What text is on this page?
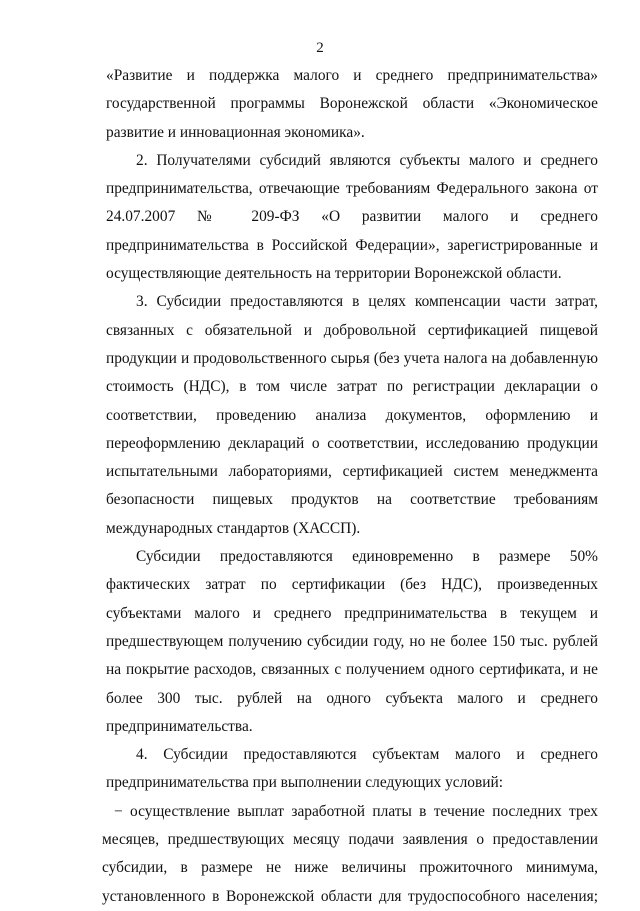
2

«Развитие и поддержка малого и среднего предпринимательства» государственной программы Воронежской области «Экономическое развитие и инновационная экономика».

2. Получателями субсидий являются субъекты малого и среднего предпринимательства, отвечающие требованиям Федерального закона от 24.07.2007 № 209-ФЗ «О развитии малого и среднего предпринимательства в Российской Федерации», зарегистрированные и осуществляющие деятельность на территории Воронежской области.

3. Субсидии предоставляются в целях компенсации части затрат, связанных с обязательной и добровольной сертификацией пищевой продукции и продовольственного сырья (без учета налога на добавленную стоимость (НДС), в том числе затрат по регистрации декларации о соответствии, проведению анализа документов, оформлению и переоформлению деклараций о соответствии, исследованию продукции испытательными лабораториями, сертификацией систем менеджмента безопасности пищевых продуктов на соответствие требованиям международных стандартов (ХАССП).

Субсидии предоставляются единовременно в размере 50% фактических затрат по сертификации (без НДС), произведенных субъектами малого и среднего предпринимательства в текущем и предшествующем получению субсидии году, но не более 150 тыс. рублей на покрытие расходов, связанных с получением одного сертификата, и не более 300 тыс. рублей на одного субъекта малого и среднего предпринимательства.

4. Субсидии предоставляются субъектам малого и среднего предпринимательства при выполнении следующих условий:

− осуществление выплат заработной платы в течение последних трех месяцев, предшествующих месяцу подачи заявления о предоставлении субсидии, в размере не ниже величины прожиточного минимума, установленного в Воронежской области для трудоспособного населения;
